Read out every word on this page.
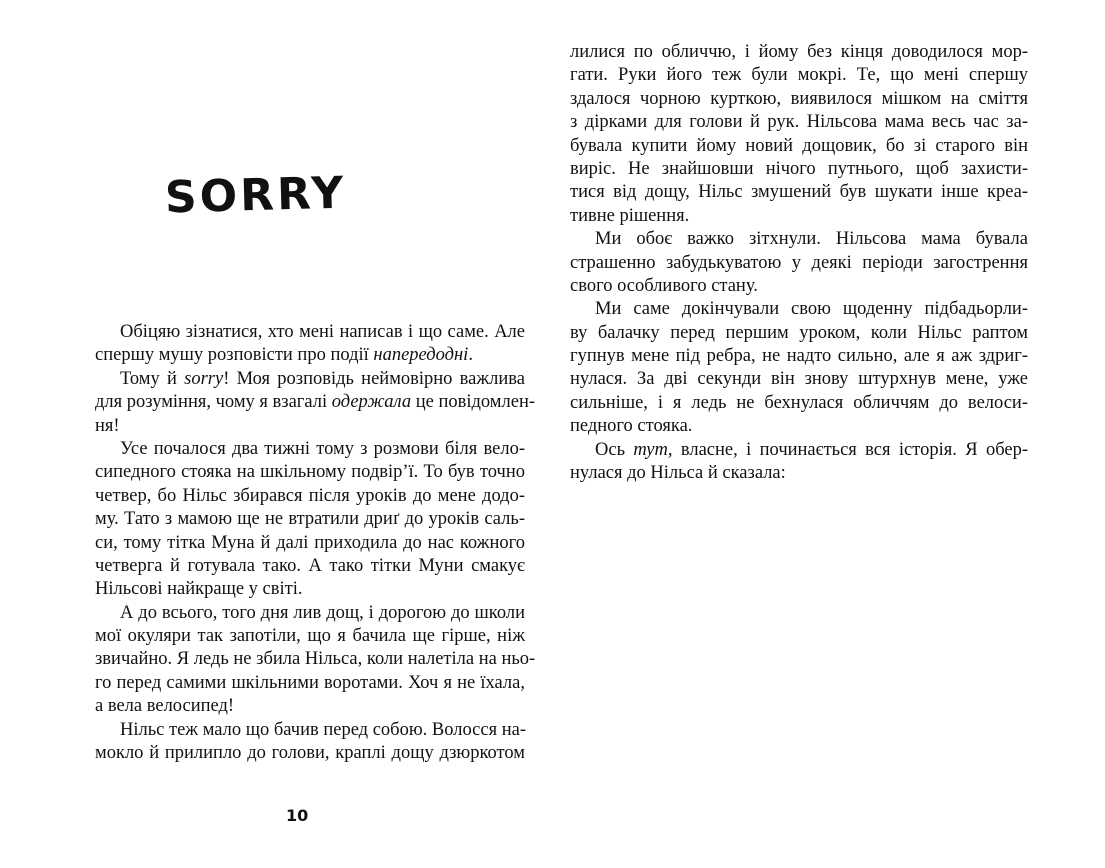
SORRY
Обіцяю зізнатися, хто мені написав і що саме. Але
спершу мушу розповісти про події напередодні.
Тому й sorry! Моя розповідь неймовірно важлива
для розуміння, чому я взагалі одержала це повідомлен-
ня!
Усе почалося два тижні тому з розмови біля вело-
сипедного стояка на шкільному подвір’ї. То був точно
четвер, бо Нільс збирався після уроків до мене додо-
му. Тато з мамою ще не втратили дриґ до уроків саль-
си, тому тітка Муна й далі приходила до нас кожного
четверга й готувала тако. А тако тітки Муни смакує
Нільсові найкраще у світі.
А до всього, того дня лив дощ, і дорогою до школи
мої окуляри так запотіли, що я бачила ще гірше, ніж
звичайно. Я ледь не збила Нільса, коли налетіла на ньо-
го перед самими шкільними воротами. Хоч я не їхала,
а вела велосипед!
Нільс теж мало що бачив перед собою. Волосся на-
мокло й прилипло до голови, краплі дощу дзюркотом
10
лилися по обличчю, і йому без кінця доводилося мор-
гати. Руки його теж були мокрі. Те, що мені спершу
здалося чорною курткою, виявилося мішком на сміття
з дірками для голови й рук. Нільсова мама весь час за-
бувала купити йому новий дощовик, бо зі старого він
виріс. Не знайшовши нічого путнього, щоб захисти-
тися від дощу, Нільс змушений був шукати інше креа-
тивне рішення.
Ми обоє важко зітхнули. Нільсова мама бувала
страшенно забудькуватою у деякі періоди загострення
свого особливого стану.
Ми саме докінчували свою щоденну підбадьорли-
ву балачку перед першим уроком, коли Нільс раптом
гупнув мене під ребра, не надто сильно, але я аж здриг-
нулася. За дві секунди він знову штурхнув мене, уже
сильніше, і я ледь не бехнулася обличчям до велоси-
педного стояка.
Ось тут, власне, і починається вся історія. Я обер-
нулася до Нільса й сказала:
